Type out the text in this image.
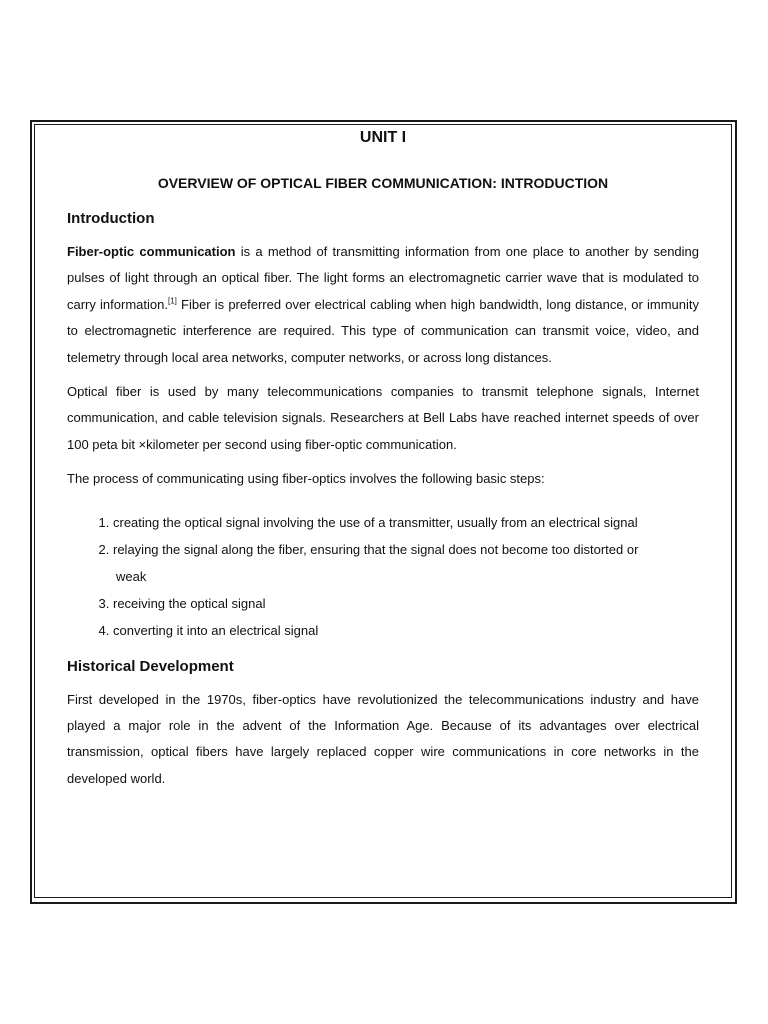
UNIT I
OVERVIEW OF OPTICAL FIBER COMMUNICATION: INTRODUCTION
Introduction

Fiber-optic communication is a method of transmitting information from one place to another by sending pulses of light through an optical fiber. The light forms an electromagnetic carrier wave that is modulated to carry information.[1] Fiber is preferred over electrical cabling when high bandwidth, long distance, or immunity to electromagnetic interference are required. This type of communication can transmit voice, video, and telemetry through local area networks, computer networks, or across long distances.

Optical fiber is used by many telecommunications companies to transmit telephone signals, Internet communication, and cable television signals. Researchers at Bell Labs have reached internet speeds of over 100 peta bit ×kilometer per second using fiber-optic communication.

The process of communicating using fiber-optics involves the following basic steps:

1. creating the optical signal involving the use of a transmitter, usually from an electrical signal
2. relaying the signal along the fiber, ensuring that the signal does not become too distorted or
weak
3. receiving the optical signal
4. converting it into an electrical signal
Historical Development

First developed in the 1970s, fiber-optics have revolutionized the telecommunications industry and have played a major role in the advent of the Information Age. Because of its advantages over electrical transmission, optical fibers have largely replaced copper wire communications in core networks in the developed world.
